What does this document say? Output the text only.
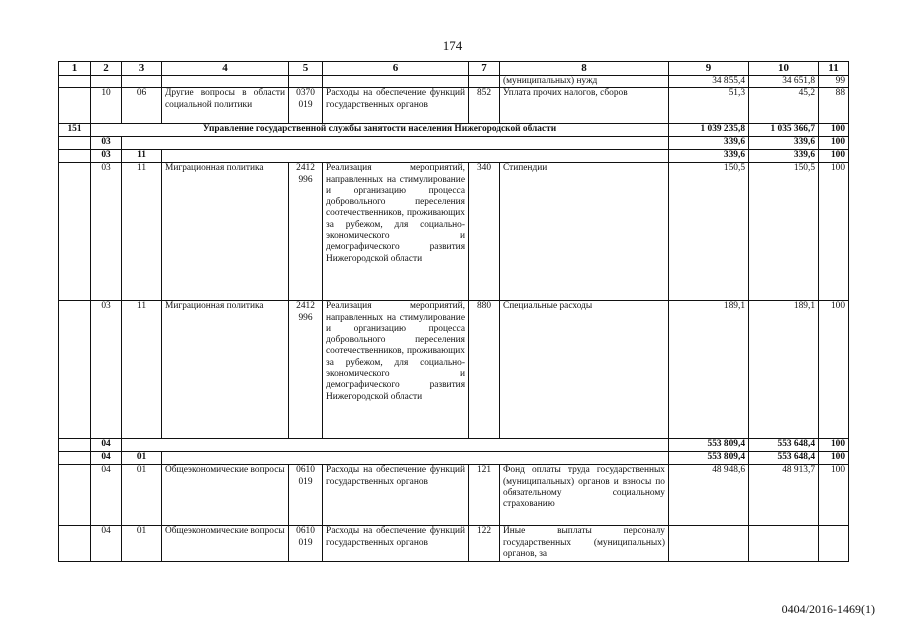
174
1	2	3	4	5	6	7	8	9	10	11
							(муниципальных) нужд	34 855,4	34 651,8	99
	10	06	Другие вопросы в области социальной политики	0370 019	Расходы на обеспечение функций государственных органов	852	Уплата прочих налогов, сборов	51,3	45,2	88
151	Управление государственной службы занятости населения Нижегородской области							1 039 235,8	1 035 366,7	100
	03							339,6	339,6	100
	03	11						339,6	339,6	100
	03	11	Миграционная политика	2412 996	Реализация мероприятий, направленных на стимулирование и организацию процесса добровольного переселения соотечественников, проживающих за рубежом, для социально-экономического и демографического развития Нижегородской области	340	Стипендии	150,5	150,5	100
	03	11	Миграционная политика	2412 996	Реализация мероприятий, направленных на стимулирование и организацию процесса добровольного переселения соотечественников, проживающих за рубежом, для социально-экономического и демографического развития Нижегородской области	880	Специальные расходы	189,1	189,1	100
	04							553 809,4	553 648,4	100
	04	01						553 809,4	553 648,4	100
	04	01	Общеэкономические вопросы	0610 019	Расходы на обеспечение функций государственных органов	121	Фонд оплаты труда государственных (муниципальных) органов и взносы по обязательному социальному страхованию	48 948,6	48 913,7	100
	04	01	Общеэкономические вопросы	0610 019	Расходы на обеспечение функций государственных органов	122	Иные выплаты персоналу государственных (муниципальных) органов, за			
0404/2016-1469(1)
